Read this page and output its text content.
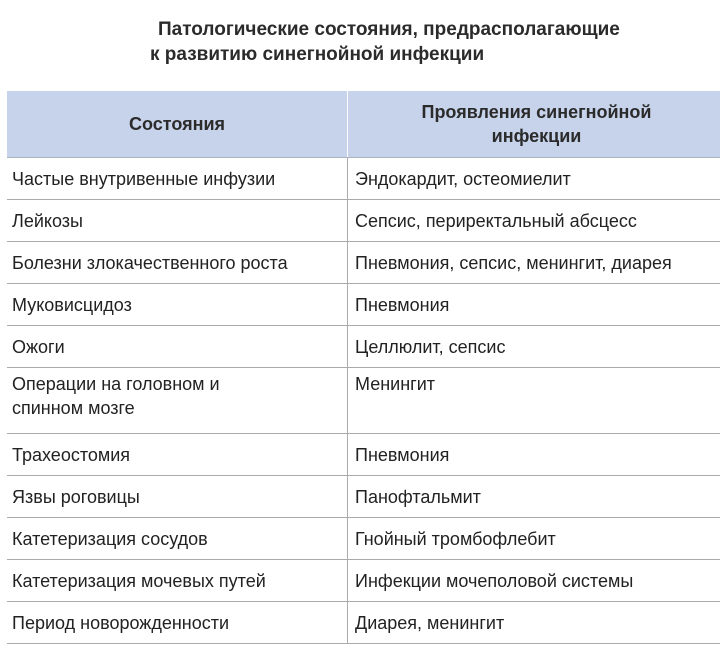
Патологические состояния, предрасполагающие
к развитию синегнойной инфекции
Состояния	Проявления синегнойной инфекции
Частые внутривенные инфузии	Эндокардит, остеомиелит
Лейкозы	Сепсис, периректальный абсцесс
Болезни злокачественного роста	Пневмония, сепсис, менингит, диарея
Муковисцидоз	Пневмония
Ожоги	Целлюлит, сепсис
Операции на головном и спинном мозге	Менингит
Трахеостомия	Пневмония
Язвы роговицы	Панофтальмит
Катетеризация сосудов	Гнойный тромбофлебит
Катетеризация мочевых путей	Инфекции мочеполовой системы
Период новорожденности	Диарея, менингит
